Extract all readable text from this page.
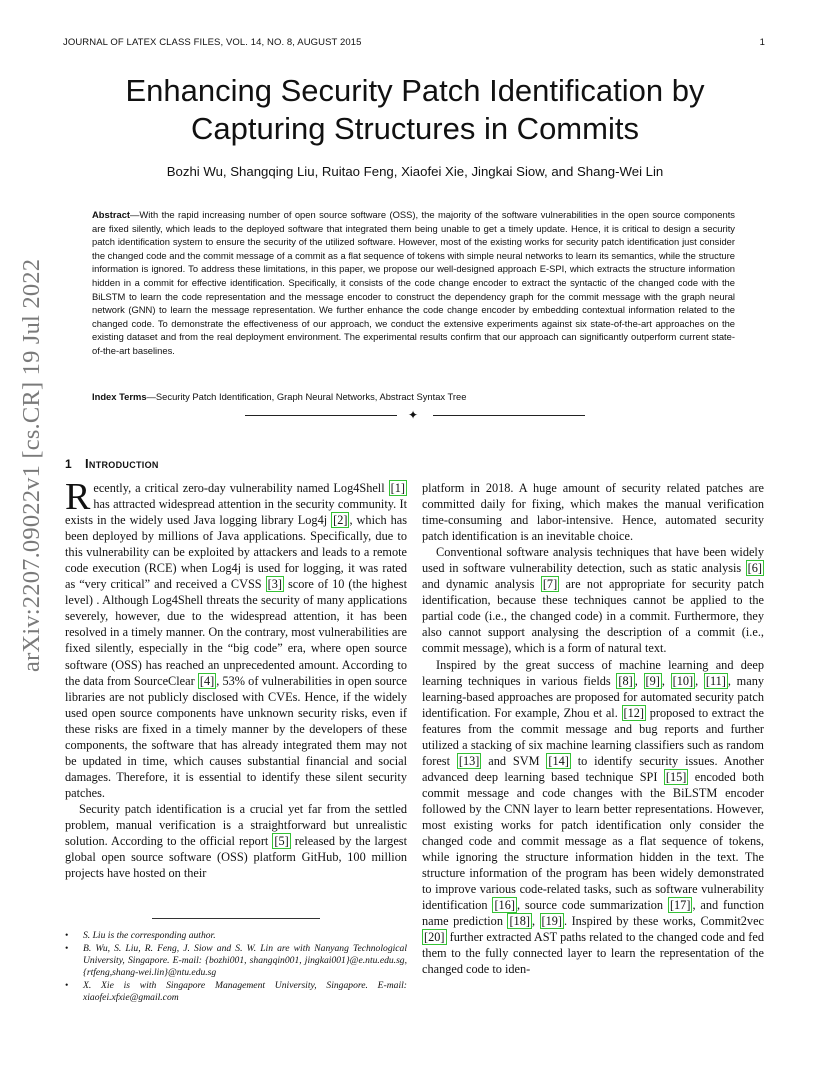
JOURNAL OF LATEX CLASS FILES, VOL. 14, NO. 8, AUGUST 2015	1
arXiv:2207.09022v1 [cs.CR] 19 Jul 2022
Enhancing Security Patch Identification by
Capturing Structures in Commits
Bozhi Wu, Shangqing Liu, Ruitao Feng, Xiaofei Xie, Jingkai Siow, and Shang-Wei Lin

Abstract—With the rapid increasing number of open source software (OSS), the majority of the software vulnerabilities in the open source components are fixed silently, which leads to the deployed software that integrated them being unable to get a timely update. Hence, it is critical to design a security patch identification system to ensure the security of the utilized software. However, most of the existing works for security patch identification just consider the changed code and the commit message of a commit as a flat sequence of tokens with simple neural networks to learn its semantics, while the structure information is ignored. To address these limitations, in this paper, we propose our well-designed approach E-SPI, which extracts the structure information hidden in a commit for effective identification. Specifically, it consists of the code change encoder to extract the syntactic of the changed code with the BiLSTM to learn the code representation and the message encoder to construct the dependency graph for the commit message with the graph neural network (GNN) to learn the message representation. We further enhance the code change encoder by embedding contextual information related to the changed code. To demonstrate the effectiveness of our approach, we conduct the extensive experiments against six state-of-the-art approaches on the existing dataset and from the real deployment environment. The experimental results confirm that our approach can significantly outperform current state-of-the-art baselines.

Index Terms—Security Patch Identification, Graph Neural Networks, Abstract Syntax Tree

✦
1 Introduction

Recently, a critical zero-day vulnerability named Log4Shell [1] has attracted widespread attention in the security community. It exists in the widely used Java logging library Log4j [2] , which has been deployed by millions of Java applications. Specifically, due to this vulnerability can be exploited by attackers and leads to a remote code execution (RCE) when Log4j is used for logging, it was rated as “very critical” and received a CVSS [3] score of 10 (the highest level) . Although Log4Shell threats the security of many applications severely, however, due to the widespread attention, it has been resolved in a timely manner. On the contrary, most vulnerabilities are fixed silently, especially in the “big code” era, where open source software (OSS) has reached an unprecedented amount. According to the data from SourceClear [4] , 53% of vulnerabilities in open source libraries are not publicly disclosed with CVEs. Hence, if the widely used open source components have unknown security risks, even if these risks are fixed in a timely manner by the developers of these components, the software that has already integrated them may not be updated in time, which causes substantial financial and social damages. Therefore, it is essential to identify these silent security patches.

Security patch identification is a crucial yet far from the settled problem, manual verification is a straightforward but unrealistic solution. According to the official report [5] released by the largest global open source software (OSS) platform GitHub, 100 million projects have hosted on their

platform in 2018. A huge amount of security related patches are committed daily for fixing, which makes the manual verification time-consuming and labor-intensive. Hence, automated security patch identification is an inevitable choice.

Conventional software analysis techniques that have been widely used in software vulnerability detection, such as static analysis [6] and dynamic analysis [7] are not appropriate for security patch identification, because these techniques cannot be applied to the partial code (i.e., the changed code) in a commit. Furthermore, they also cannot support analysing the description of a commit (i.e., commit message), which is a form of natural text.

Inspired by the great success of machine learning and deep learning techniques in various fields [8] , [9] , [10] , [11] , many learning-based approaches are proposed for automated security patch identification. For example, Zhou et al. [12] proposed to extract the features from the commit message and bug reports and further utilized a stacking of six machine learning classifiers such as random forest [13] and SVM [14] to identify security issues. Another advanced deep learning based technique SPI [15] encoded both commit message and code changes with the BiLSTM encoder followed by the CNN layer to learn better representations. However, most existing works for patch identification only consider the changed code and commit message as a flat sequence of tokens, while ignoring the structure information hidden in the text. The structure information of the program has been widely demonstrated to improve various code-related tasks, such as software vulnerability identification [16] , source code summarization [17] , and function name prediction [18] , [19] . Inspired by these works, Commit2vec [20] further extracted AST paths related to the changed code and fed them to the fully connected layer to learn the representation of the changed code to iden-

• S. Liu is the corresponding author.
• B. Wu, S. Liu, R. Feng, J. Siow and S. W. Lin are with Nanyang Technological University, Singapore. E-mail: {bozhi001, shangqin001, jingkai001}@e.ntu.edu.sg, {rtfeng,shang-wei.lin}@ntu.edu.sg
• X. Xie is with Singapore Management University, Singapore. E-mail: xiaofei.xfxie@gmail.com
